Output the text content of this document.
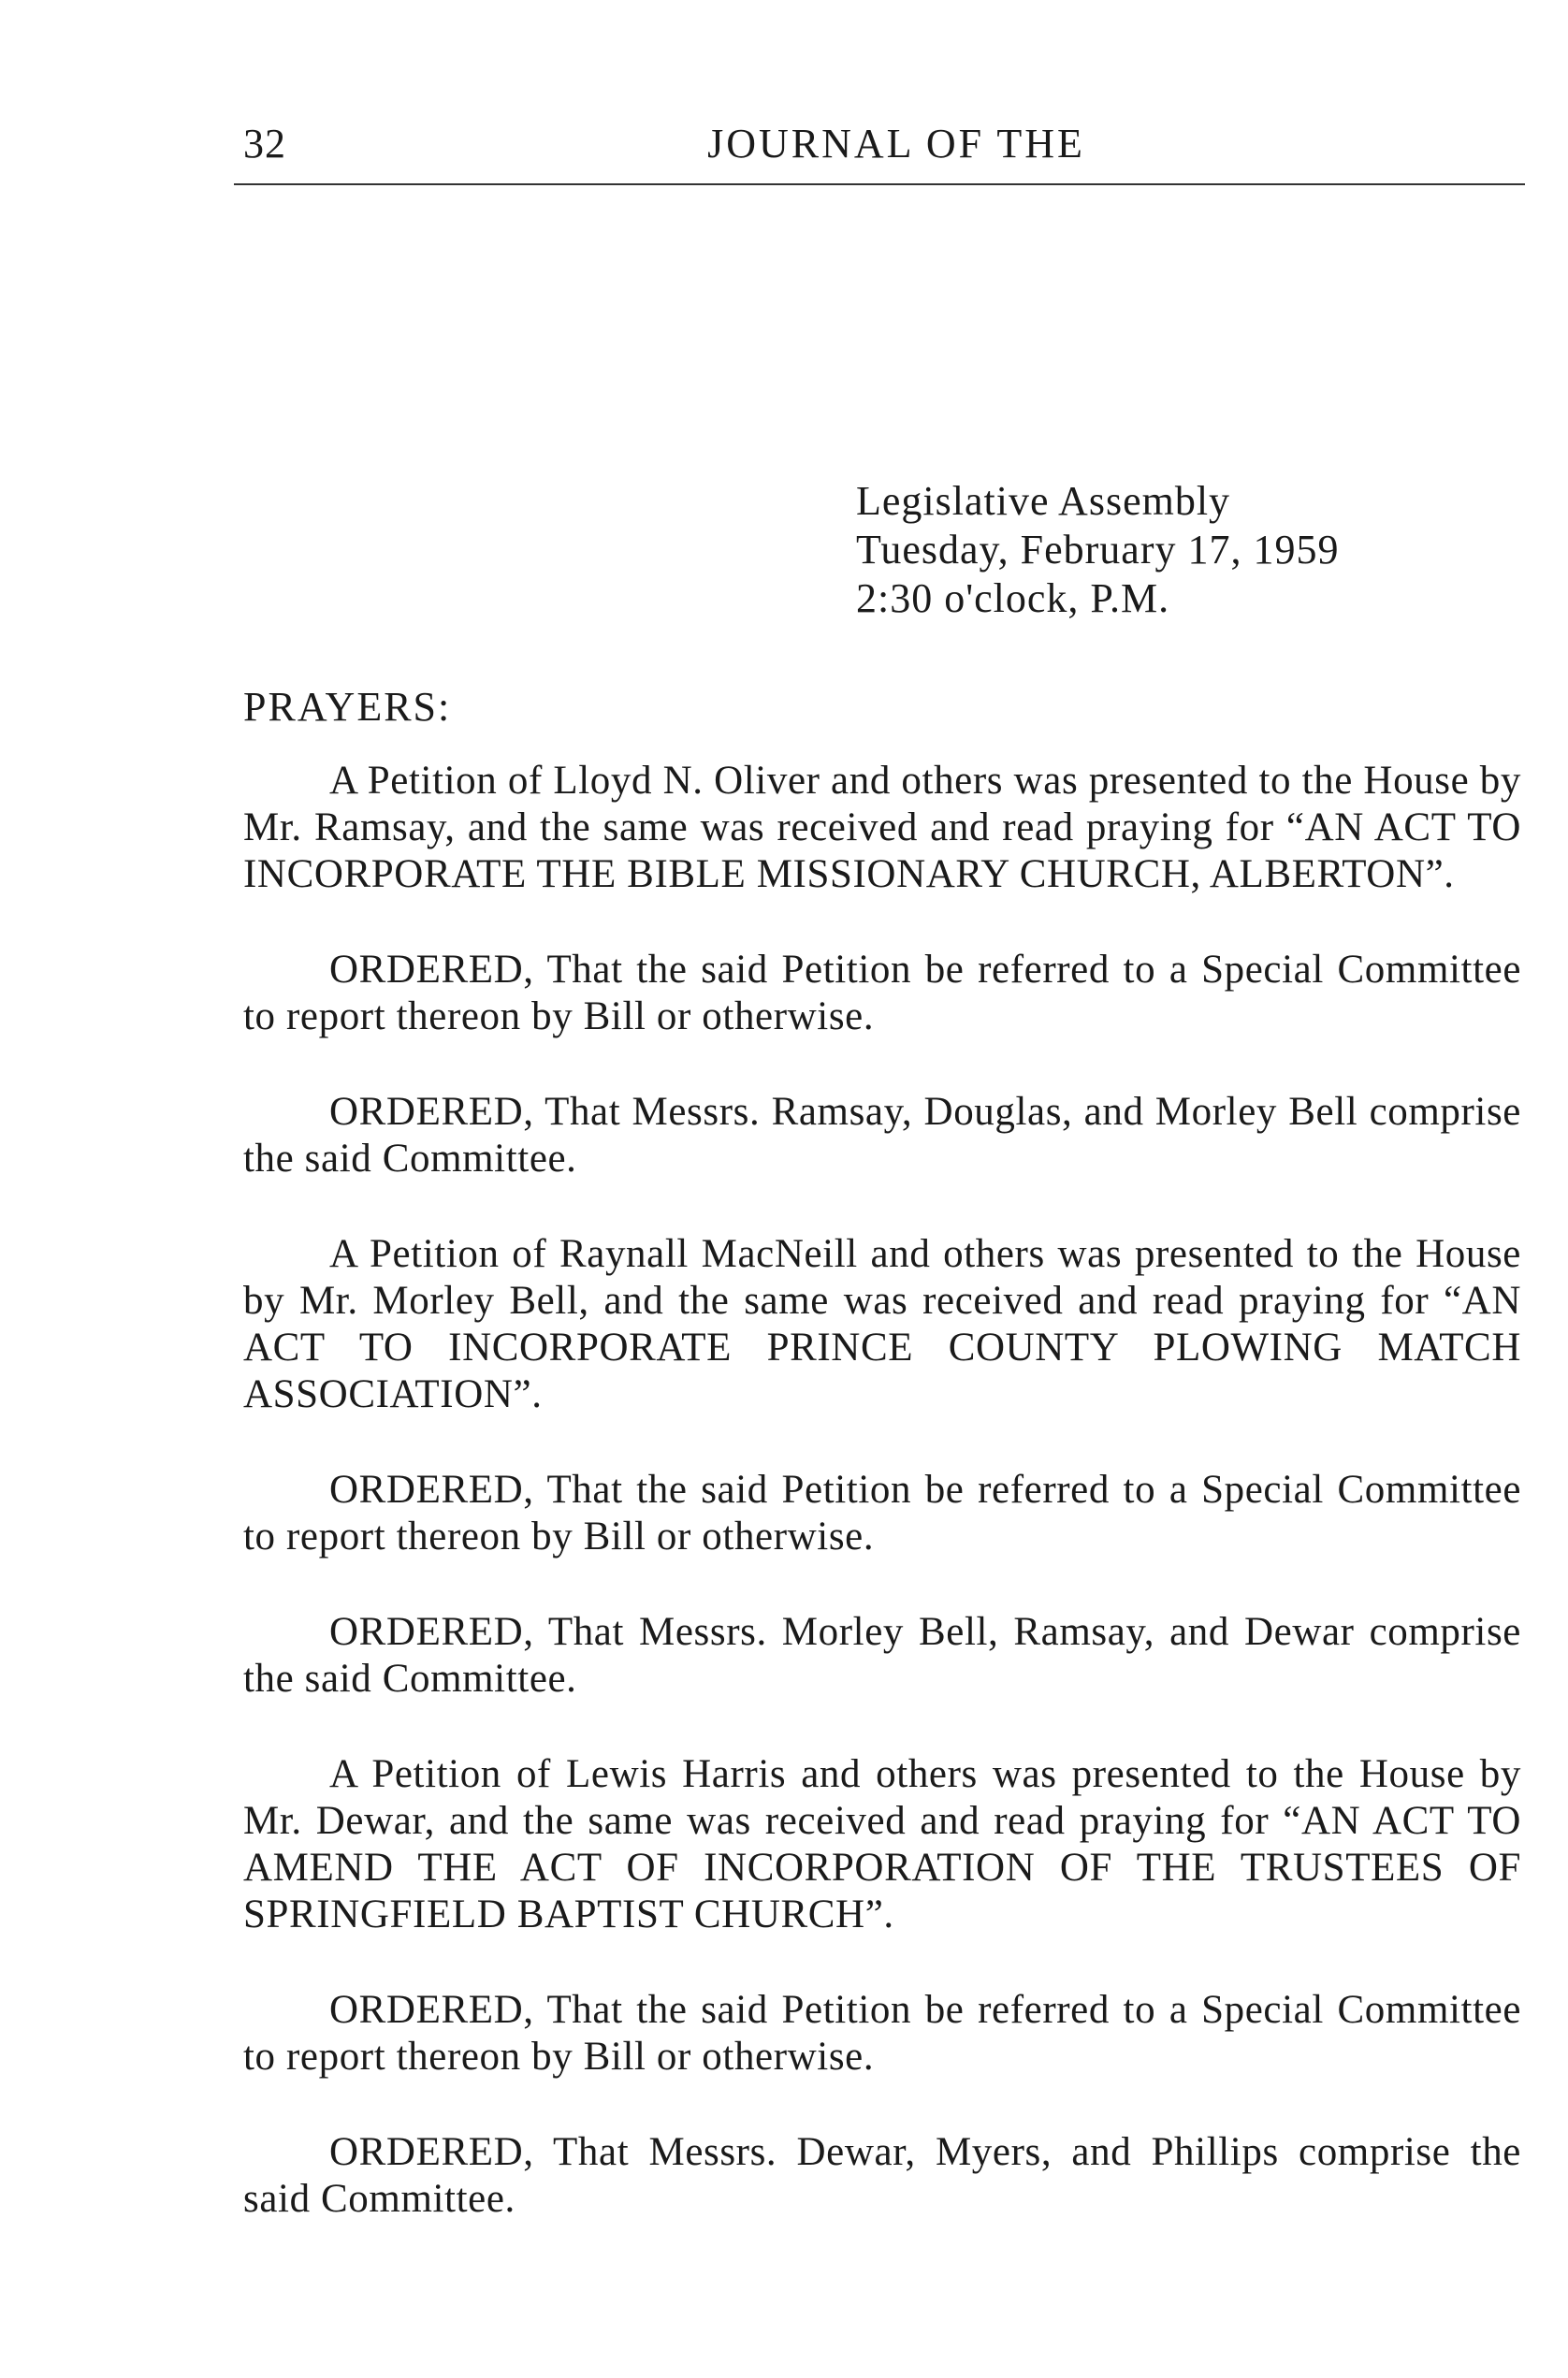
32	JOURNAL OF THE
Legislative Assembly
Tuesday, February 17, 1959
2:30 o'clock, P.M.
PRAYERS:

A Petition of Lloyd N. Oliver and others was presented to the House by Mr. Ramsay, and the same was received and read praying for “AN ACT TO INCORPORATE THE BIBLE MISSIONARY CHURCH, ALBERTON”.

ORDERED, That the said Petition be referred to a Special Committee to report thereon by Bill or otherwise.

ORDERED, That Messrs. Ramsay, Douglas, and Morley Bell comprise the said Committee.

A Petition of Raynall MacNeill and others was presented to the House by Mr. Morley Bell, and the same was received and read praying for “AN ACT TO INCORPORATE PRINCE COUNTY PLOWING MATCH ASSOCIATION”.

ORDERED, That the said Petition be referred to a Special Committee to report thereon by Bill or otherwise.

ORDERED, That Messrs. Morley Bell, Ramsay, and Dewar comprise the said Committee.

A Petition of Lewis Harris and others was presented to the House by Mr. Dewar, and the same was received and read praying for “AN ACT TO AMEND THE ACT OF INCORPORATION OF THE TRUSTEES OF SPRINGFIELD BAPTIST CHURCH”.

ORDERED, That the said Petition be referred to a Special Committee to report thereon by Bill or otherwise.

ORDERED, That Messrs. Dewar, Myers, and Phillips comprise the said Committee.
